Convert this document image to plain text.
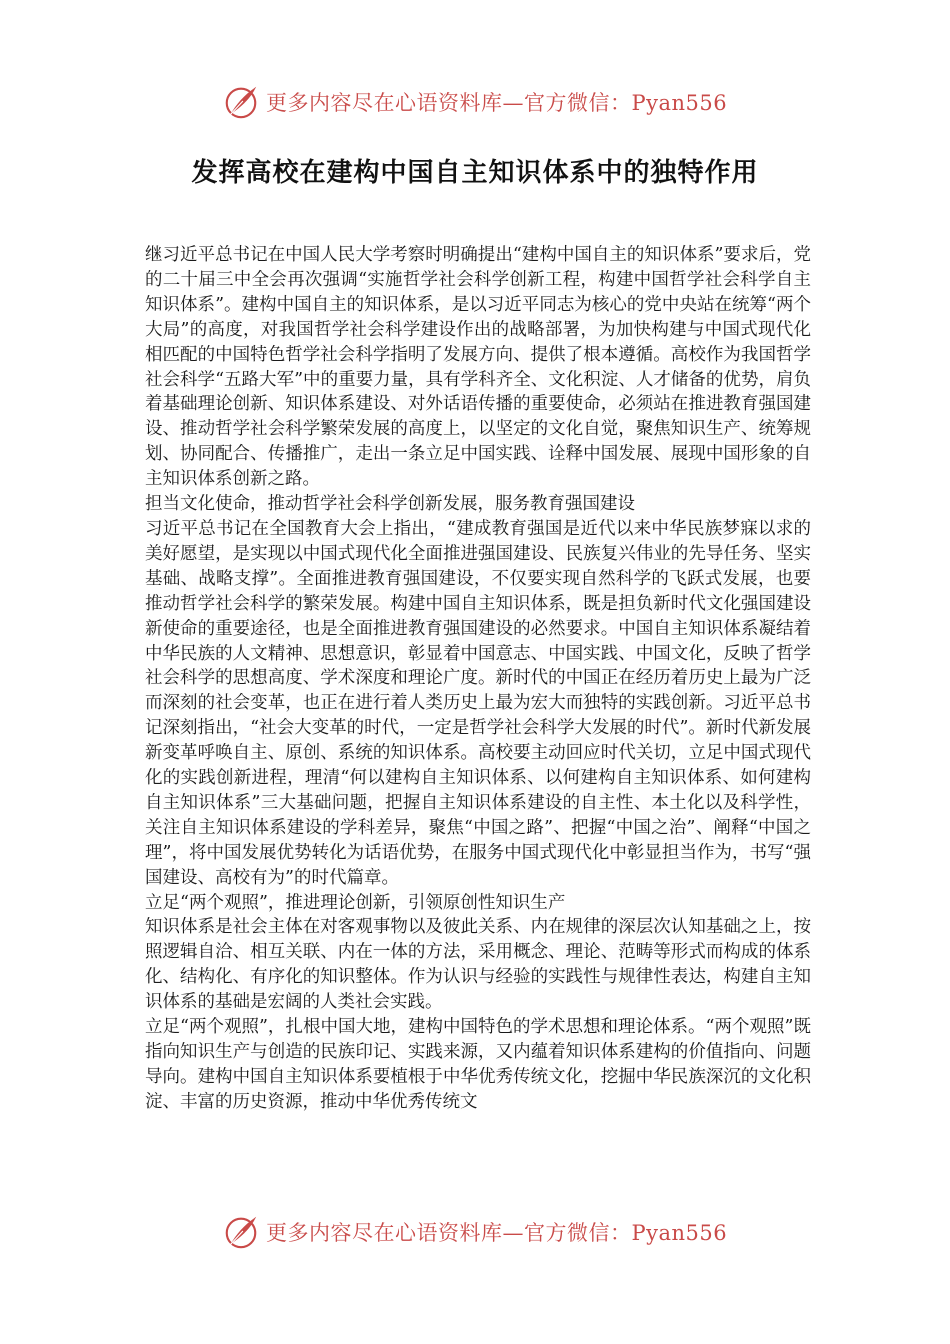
更多内容尽在心语资料库—官方微信：Pyan556
发挥高校在建构中国自主知识体系中的独特作用

继习近平总书记在中国人民大学考察时明确提出“建构中国自主的知识体系”要求后，党的二十届三中全会再次强调“实施哲学社会科学创新工程，构建中国哲学社会科学自主知识体系”。建构中国自主的知识体系，是以习近平同志为核心的党中央站在统筹“两个大局”的高度，对我国哲学社会科学建设作出的战略部署，为加快构建与中国式现代化相匹配的中国特色哲学社会科学指明了发展方向、提供了根本遵循。高校作为我国哲学社会科学“五路大军”中的重要力量，具有学科齐全、文化积淀、人才储备的优势，肩负着基础理论创新、知识体系建设、对外话语传播的重要使命，必须站在推进教育强国建设、推动哲学社会科学繁荣发展的高度上，以坚定的文化自觉，聚焦知识生产、统筹规划、协同配合、传播推广，走出一条立足中国实践、诠释中国发展、展现中国形象的自主知识体系创新之路。

担当文化使命，推动哲学社会科学创新发展，服务教育强国建设

习近平总书记在全国教育大会上指出，“建成教育强国是近代以来中华民族梦寐以求的美好愿望，是实现以中国式现代化全面推进强国建设、民族复兴伟业的先导任务、坚实基础、战略支撑”。全面推进教育强国建设，不仅要实现自然科学的飞跃式发展，也要推动哲学社会科学的繁荣发展。构建中国自主知识体系，既是担负新时代文化强国建设新使命的重要途径，也是全面推进教育强国建设的必然要求。中国自主知识体系凝结着中华民族的人文精神、思想意识，彰显着中国意志、中国实践、中国文化，反映了哲学社会科学的思想高度、学术深度和理论广度。新时代的中国正在经历着历史上最为广泛而深刻的社会变革，也正在进行着人类历史上最为宏大而独特的实践创新。习近平总书记深刻指出，“社会大变革的时代，一定是哲学社会科学大发展的时代”。新时代新发展新变革呼唤自主、原创、系统的知识体系。高校要主动回应时代关切，立足中国式现代化的实践创新进程，理清“何以建构自主知识体系、以何建构自主知识体系、如何建构自主知识体系”三大基础问题，把握自主知识体系建设的自主性、本土化以及科学性，关注自主知识体系建设的学科差异，聚焦“中国之路”、把握“中国之治”、阐释“中国之理”，将中国发展优势转化为话语优势，在服务中国式现代化中彰显担当作为，书写“强国建设、高校有为”的时代篇章。

立足“两个观照”，推进理论创新，引领原创性知识生产

知识体系是社会主体在对客观事物以及彼此关系、内在规律的深层次认知基础之上，按照逻辑自洽、相互关联、内在一体的方法，采用概念、理论、范畴等形式而构成的体系化、结构化、有序化的知识整体。作为认识与经验的实践性与规律性表达，构建自主知识体系的基础是宏阔的人类社会实践。

立足“两个观照”，扎根中国大地，建构中国特色的学术思想和理论体系。“两个观照”既指向知识生产与创造的民族印记、实践来源，又内蕴着知识体系建构的价值指向、问题导向。建构中国自主知识体系要植根于中华优秀传统文化，挖掘中华民族深沉的文化积淀、丰富的历史资源，推动中华优秀传统文

更多内容尽在心语资料库—官方微信：Pyan556
